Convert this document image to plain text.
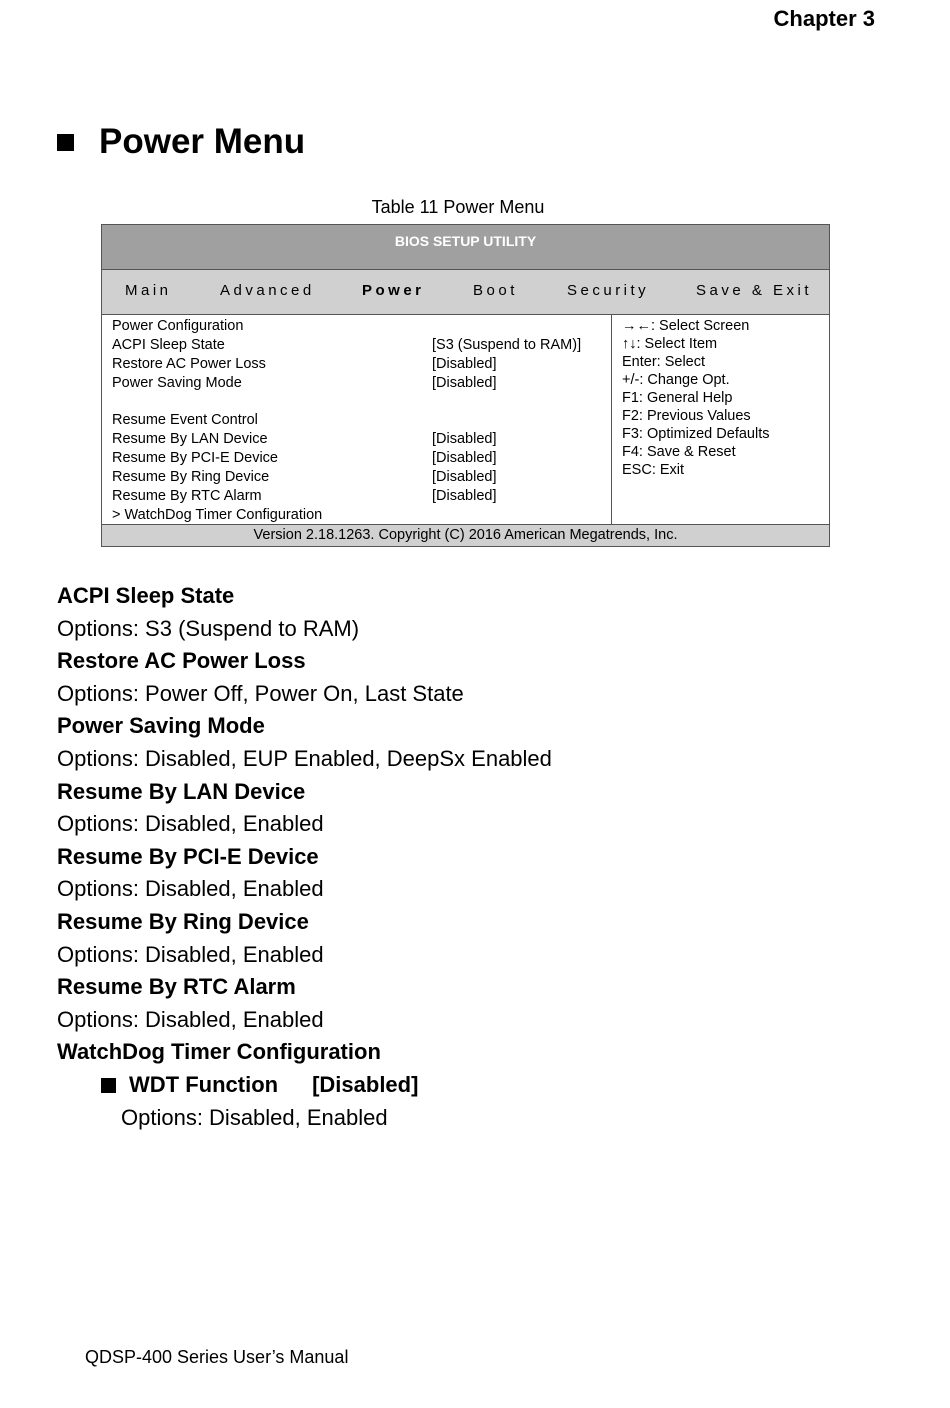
Chapter 3
Power Menu
Table 11 Power Menu
BIOS SETUP UTILITY
Main	Advanced	Power	Boot	Security	Save & Exit
Power Configuration
ACPI Sleep State	[S3 (Suspend to RAM)]
Restore AC Power Loss	[Disabled]
Power Saving Mode	[Disabled]
Resume Event Control
Resume By LAN Device	[Disabled]
Resume By PCI-E Device	[Disabled]
Resume By Ring Device	[Disabled]
Resume By RTC Alarm	[Disabled]
> WatchDog Timer Configuration
→←: Select Screen
↑↓: Select Item
Enter: Select
+/-: Change Opt.
F1: General Help
F2: Previous Values
F3: Optimized Defaults
F4: Save & Reset
ESC: Exit
Version 2.18.1263. Copyright (C) 2016 American Megatrends, Inc.
ACPI Sleep State
Options: S3 (Suspend to RAM)
Restore AC Power Loss
Options: Power Off, Power On, Last State
Power Saving Mode
Options: Disabled, EUP Enabled, DeepSx Enabled
Resume By LAN Device
Options: Disabled, Enabled
Resume By PCI-E Device
Options: Disabled, Enabled
Resume By Ring Device
Options: Disabled, Enabled
Resume By RTC Alarm
Options: Disabled, Enabled
WatchDog Timer Configuration
WDT Function [Disabled]
Options: Disabled, Enabled
QDSP-400 Series User’s Manual
